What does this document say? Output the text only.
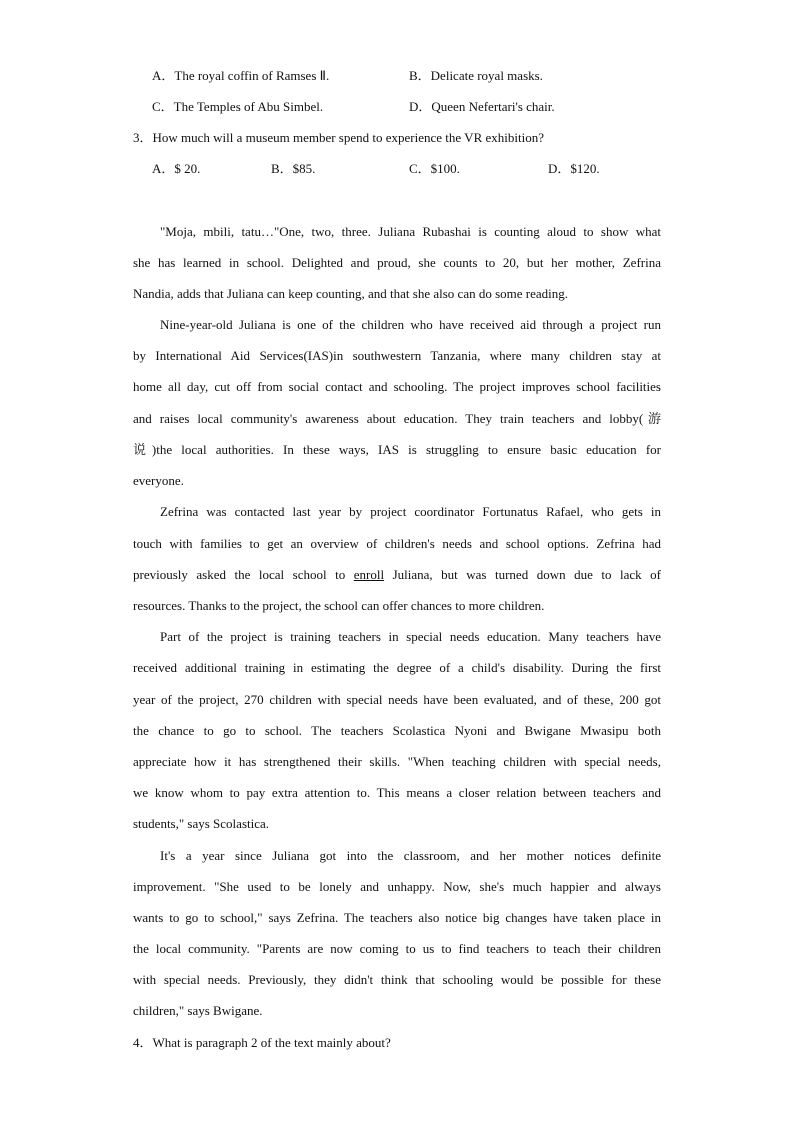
A．The royal coffin of Ramses Ⅱ.	B．Delicate royal masks.
C．The Temples of Abu Simbel.	D．Queen Nefertari's chair.
3．How much will a museum member spend to experience the VR exhibition?
A．$ 20.	B．$85.	C．$100.	D．$120.
"Moja, mbili, tatu…"One, two, three. Juliana Rubashai is counting aloud to show what
she has learned in school. Delighted and proud, she counts to 20, but her mother, Zefrina
Nandia, adds that Juliana can keep counting, and that she also can do some reading.
Nine-year-old Juliana is one of the children who have received aid through a project run
by International Aid Services(IAS)in southwestern Tanzania, where many children stay at
home all day, cut off from social contact and schooling. The project improves school facilities
and raises local community's awareness about education. They train teachers and lobby(游
说)the local authorities. In these ways, IAS is struggling to ensure basic education for
everyone.
Zefrina was contacted last year by project coordinator Fortunatus Rafael, who gets in
touch with families to get an overview of children's needs and school options. Zefrina had
previously asked the local school to enroll Juliana, but was turned down due to lack of
resources. Thanks to the project, the school can offer chances to more children.
Part of the project is training teachers in special needs education. Many teachers have
received additional training in estimating the degree of a child's disability. During the first
year of the project, 270 children with special needs have been evaluated, and of these, 200 got
the chance to go to school. The teachers Scolastica Nyoni and Bwigane Mwasipu both
appreciate how it has strengthened their skills. "When teaching children with special needs,
we know whom to pay extra attention to. This means a closer relation between teachers and
students," says Scolastica.
It's a year since Juliana got into the classroom, and her mother notices definite
improvement. "She used to be lonely and unhappy. Now, she's much happier and always
wants to go to school," says Zefrina. The teachers also notice big changes have taken place in
the local community. "Parents are now coming to us to find teachers to teach their children
with special needs. Previously, they didn't think that schooling would be possible for these
children," says Bwigane.
4．What is paragraph 2 of the text mainly about?
